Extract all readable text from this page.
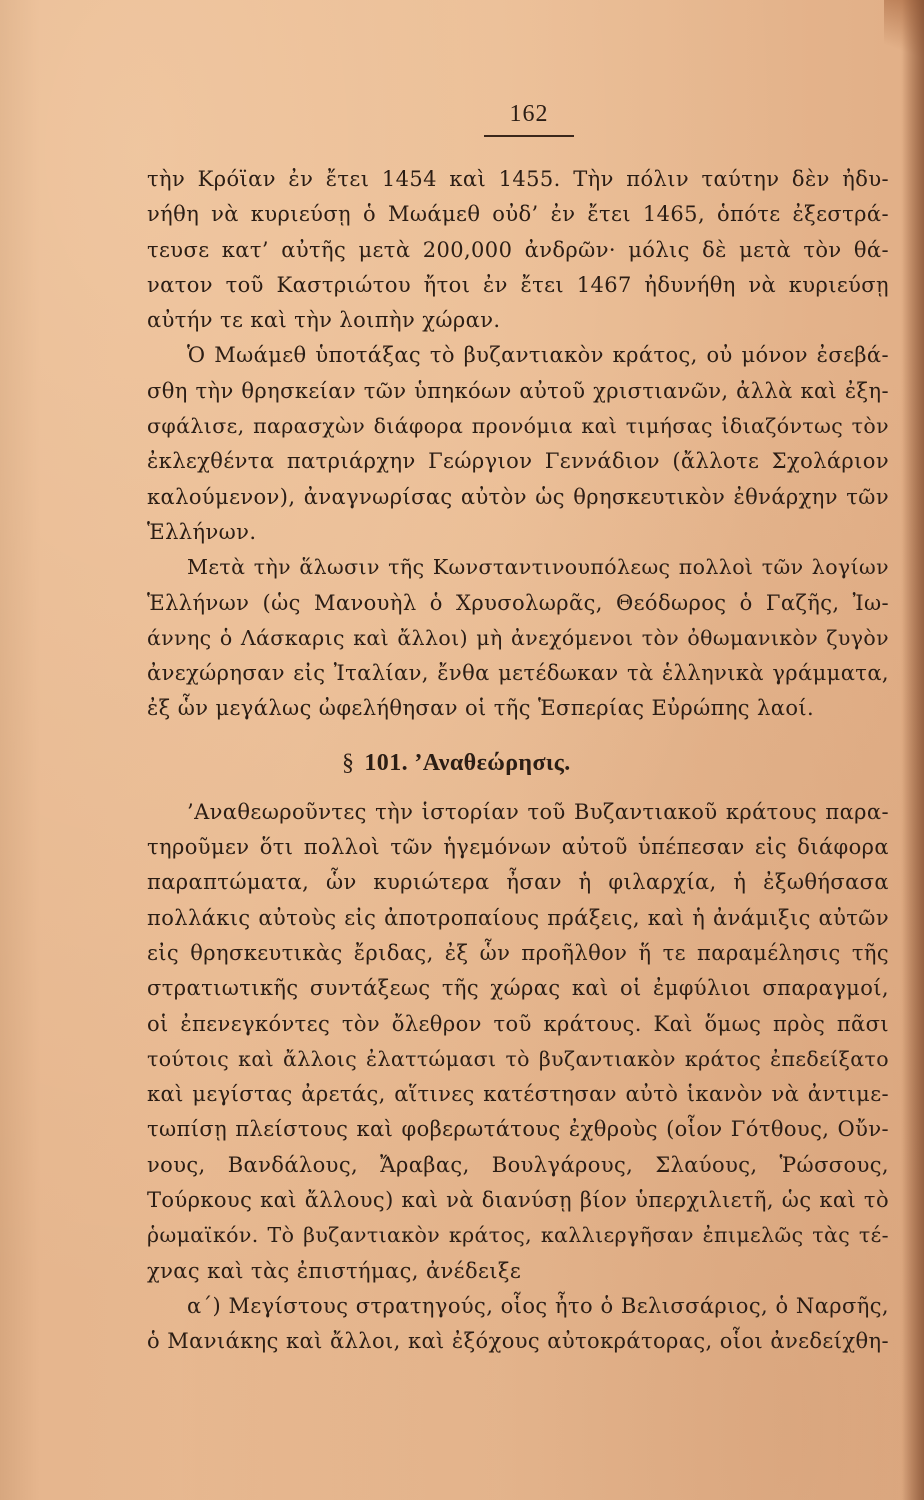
162
τὴν Κρόϊαν ἐν ἔτει 1454 καὶ 1455. Τὴν πόλιν ταύτην δὲν ἠδυ-
νήθη νὰ κυριεύσῃ ὁ Μωάμεθ οὐδ’ ἐν ἔτει 1465, ὁπότε ἐξεστρά-
τευσε κατ’ αὐτῆς μετὰ 200,000 ἀνδρῶν· μόλις δὲ μετὰ τὸν θά-
νατον τοῦ Καστριώτου ἤτοι ἐν ἔτει 1467 ἠδυνήθη νὰ κυριεύσῃ
αὐτήν τε καὶ τὴν λοιπὴν χώραν.
Ὁ Μωάμεθ ὑποτάξας τὸ βυζαντιακὸν κράτος, οὐ μόνον ἐσεβά-
σθη τὴν θρησκείαν τῶν ὑπηκόων αὐτοῦ χριστιανῶν, ἀλλὰ καὶ ἐξη-
σφάλισε, παρασχὼν διάφορα προνόμια καὶ τιμήσας ἰδιαζόντως τὸν
ἐκλεχθέντα πατριάρχην Γεώργιον Γεννάδιον (ἄλλοτε Σχολάριον
καλούμενον), ἀναγνωρίσας αὐτὸν ὡς θρησκευτικὸν ἐθνάρχην τῶν
Ἑλλήνων.
Μετὰ τὴν ἅλωσιν τῆς Κωνσταντινουπόλεως πολλοὶ τῶν λογίων
Ἑλλήνων (ὡς Μανουὴλ ὁ Χρυσολωρᾶς, Θεόδωρος ὁ Γαζῆς, Ἰω-
άννης ὁ Λάσκαρις καὶ ἄλλοι) μὴ ἀνεχόμενοι τὸν ὀθωμανικὸν ζυγὸν
ἀνεχώρησαν εἰς Ἰταλίαν, ἔνθα μετέδωκαν τὰ ἑλληνικὰ γράμματα,
ἐξ ὧν μεγάλως ὠφελήθησαν οἱ τῆς Ἑσπερίας Εὐρώπης λαοί.
§ 101. ’Αναθεώρησις.
’Αναθεωροῦντες τὴν ἱστορίαν τοῦ Βυζαντιακοῦ κράτους παρα-
τηροῦμεν ὅτι πολλοὶ τῶν ἡγεμόνων αὐτοῦ ὑπέπεσαν εἰς διάφορα
παραπτώματα, ὧν κυριώτερα ἦσαν ἡ φιλαρχία, ἡ ἐξωθήσασα
πολλάκις αὐτοὺς εἰς ἀποτροπαίους πράξεις, καὶ ἡ ἀνάμιξις αὐτῶν
εἰς θρησκευτικὰς ἔριδας, ἐξ ὧν προῆλθον ἥ τε παραμέλησις τῆς
στρατιωτικῆς συντάξεως τῆς χώρας καὶ οἱ ἐμφύλιοι σπαραγμοί,
οἱ ἐπενεγκόντες τὸν ὄλεθρον τοῦ κράτους. Καὶ ὅμως πρὸς πᾶσι
τούτοις καὶ ἄλλοις ἐλαττώμασι τὸ βυζαντιακὸν κράτος ἐπεδείξατο
καὶ μεγίστας ἀρετάς, αἵτινες κατέστησαν αὐτὸ ἱκανὸν νὰ ἀντιμε-
τωπίσῃ πλείστους καὶ φοβερωτάτους ἐχθροὺς (οἷον Γότθους, Οὔν-
νους, Βανδάλους, Ἄραβας, Βουλγάρους, Σλαύους, Ῥώσσους,
Τούρκους καὶ ἄλλους) καὶ νὰ διανύσῃ βίον ὑπερχιλιετῆ, ὡς καὶ τὸ
ῥωμαϊκόν. Τὸ βυζαντιακὸν κράτος, καλλιεργῆσαν ἐπιμελῶς τὰς τέ-
χνας καὶ τὰς ἐπιστήμας, ἀνέδειξε
α΄) Μεγίστους στρατηγούς, οἷος ἦτο ὁ Βελισσάριος, ὁ Ναρσῆς,
ὁ Μανιάκης καὶ ἄλλοι, καὶ ἐξόχους αὐτοκράτορας, οἷοι ἀνεδείχθη-
